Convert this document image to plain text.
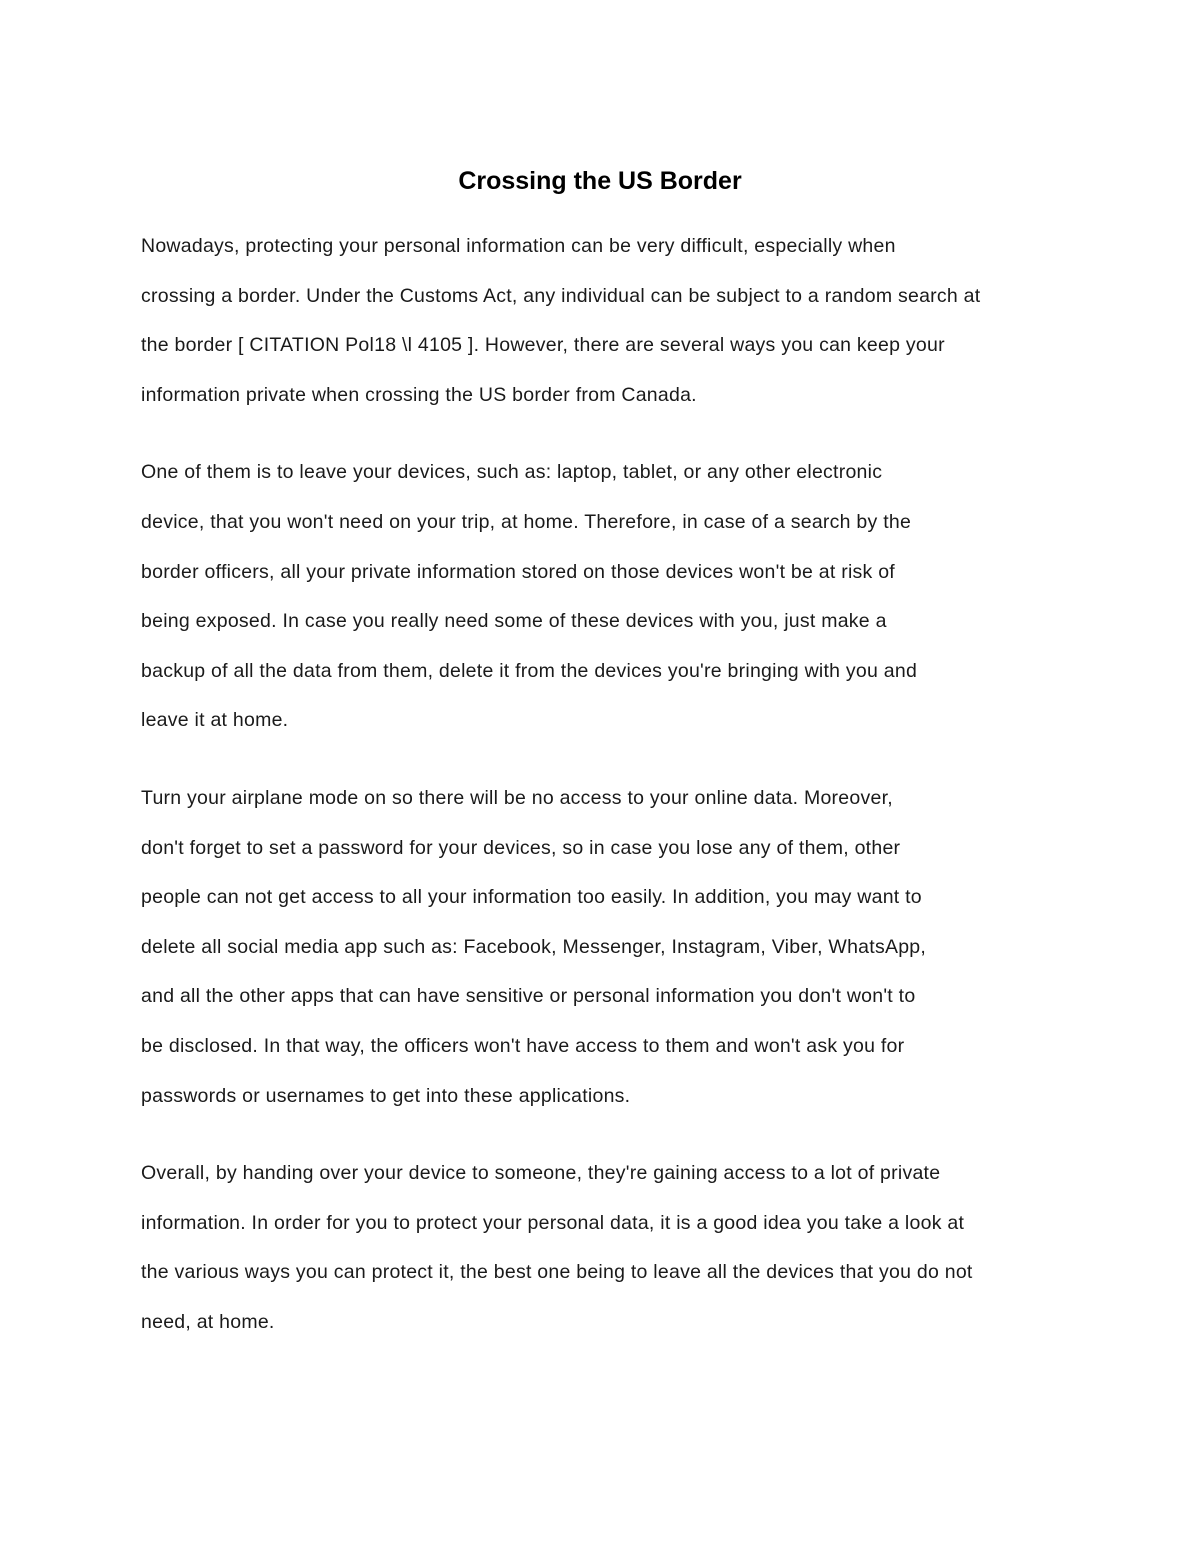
Crossing the US Border

Nowadays, protecting your personal information can be very difficult, especially when
crossing a border. Under the Customs Act, any individual can be subject to a random search at
the border [ CITATION Pol18 \l 4105 ]. However, there are several ways you can keep your
information private when crossing the US border from Canada.

One of them is to leave your devices, such as: laptop, tablet, or any other electronic
device, that you won't need on your trip, at home. Therefore, in case of a search by the
border officers, all your private information stored on those devices won't be at risk of
being exposed. In case you really need some of these devices with you, just make a
backup of all the data from them, delete it from the devices you're bringing with you and
leave it at home.

Turn your airplane mode on so there will be no access to your online data. Moreover,
don't forget to set a password for your devices, so in case you lose any of them, other
people can not get access to all your information too easily. In addition, you may want to
delete all social media app such as: Facebook, Messenger, Instagram, Viber, WhatsApp,
and all the other apps that can have sensitive or personal information you don't won't to
be disclosed. In that way, the officers won't have access to them and won't ask you for
passwords or usernames to get into these applications.

Overall, by handing over your device to someone, they're gaining access to a lot of private
information. In order for you to protect your personal data, it is a good idea you take a look at
the various ways you can protect it, the best one being to leave all the devices that you do not
need, at home.
